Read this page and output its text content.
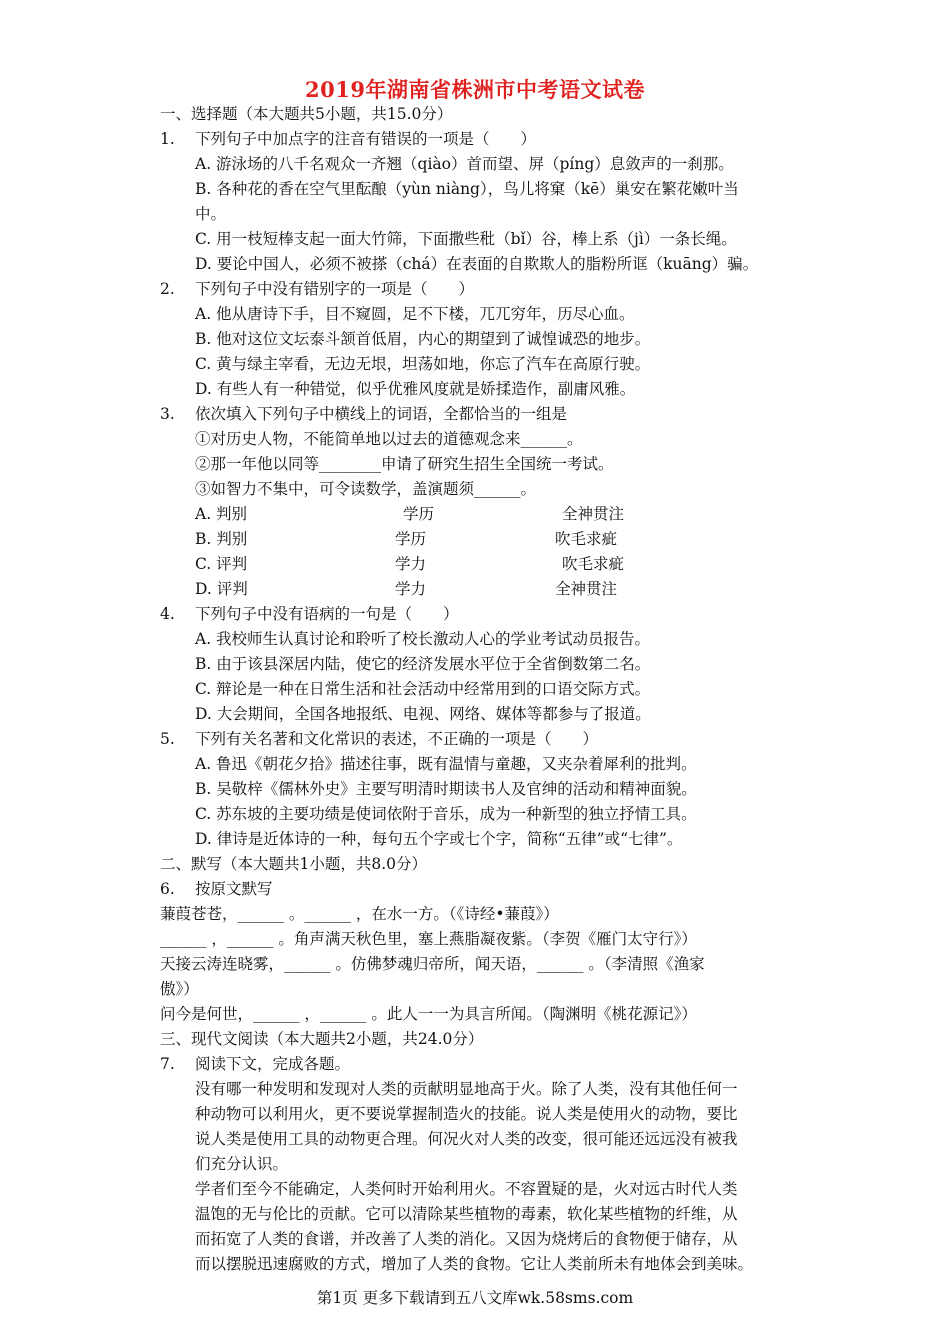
2019年湖南省株洲市中考语文试卷
一、选择题（本大题共5小题，共15.0分）
1. 下列句子中加点字的注音有错误的一项是（　　）
A. 游泳场的八千名观众一齐翘（qiào）首而望、屏（píng）息敛声的一刹那。
B. 各种花的香在空气里酝酿（yùn niàng），鸟儿将窠（kē）巢安在繁花嫩叶当
中。
C. 用一枝短棒支起一面大竹筛，下面撒些秕（bǐ）谷，棒上系（jì）一条长绳。
D. 要论中国人，必须不被搽（chá）在表面的自欺欺人的脂粉所诓（kuāng）骗。
2. 下列句子中没有错别字的一项是（　　）
A. 他从唐诗下手，目不窥圆，足不下楼，兀兀穷年，历尽心血。
B. 他对这位文坛泰斗颔首低眉，内心的期望到了诚惶诚恐的地步。
C. 黄与绿主宰看，无边无垠，坦荡如地，你忘了汽车在高原行驶。
D. 有些人有一种错觉，似乎优雅风度就是娇揉造作，副庸风雅。
3. 依次填入下列句子中横线上的词语，全都恰当的一组是
①对历史人物，不能简单地以过去的道德观念来______。
②那一年他以同等________申请了研究生招生全国统一考试。
③如智力不集中，可令读数学，盖演题须______。
A. 判别	学历	全神贯注
B. 判别	学历	吹毛求疵
C. 评判	学力	吹毛求疵
D. 评判	学力	全神贯注
4. 下列句子中没有语病的一句是（　　）
A. 我校师生认真讨论和聆听了校长激动人心的学业考试动员报告。
B. 由于该县深居内陆，使它的经济发展水平位于全省倒数第二名。
C. 辩论是一种在日常生活和社会活动中经常用到的口语交际方式。
D. 大会期间，全国各地报纸、电视、网络、媒体等都参与了报道。
5. 下列有关名著和文化常识的表述，不正确的一项是（　　）
A. 鲁迅《朝花夕拾》描述往事，既有温情与童趣，又夹杂着犀利的批判。
B. 吴敬梓《儒林外史》主要写明清时期读书人及官绅的活动和精神面貌。
C. 苏东坡的主要功绩是使词依附于音乐，成为一种新型的独立抒情工具。
D. 律诗是近体诗的一种，每句五个字或七个字，简称“五律”或“七律”。
二、默写（本大题共1小题，共8.0分）
6. 按原文默写
蒹葭苍苍，______ 。______ ，在水一方。（《诗经•蒹葭》）
______ ，______ 。角声满天秋色里，塞上燕脂凝夜紫。（李贺《雁门太守行》）
天接云涛连晓雾，______ 。仿佛梦魂归帝所，闻天语，______ 。（李清照《渔家
傲》）
问今是何世，______ ，______ 。此人一一为具言所闻。（陶渊明《桃花源记》）
三、现代文阅读（本大题共2小题，共24.0分）
7. 阅读下文，完成各题。
没有哪一种发明和发现对人类的贡献明显地高于火。除了人类，没有其他任何一
种动物可以利用火，更不要说掌握制造火的技能。说人类是使用火的动物，要比
说人类是使用工具的动物更合理。何况火对人类的改变，很可能还远远没有被我
们充分认识。
学者们至今不能确定，人类何时开始利用火。不容置疑的是，火对远古时代人类
温饱的无与伦比的贡献。它可以清除某些植物的毒素，软化某些植物的纤维，从
而拓宽了人类的食谱，并改善了人类的消化。又因为烧烤后的食物便于储存，从
而以摆脱迅速腐败的方式，增加了人类的食物。它让人类前所未有地体会到美味。
第1页 更多下载请到五八文库wk.58sms.com
